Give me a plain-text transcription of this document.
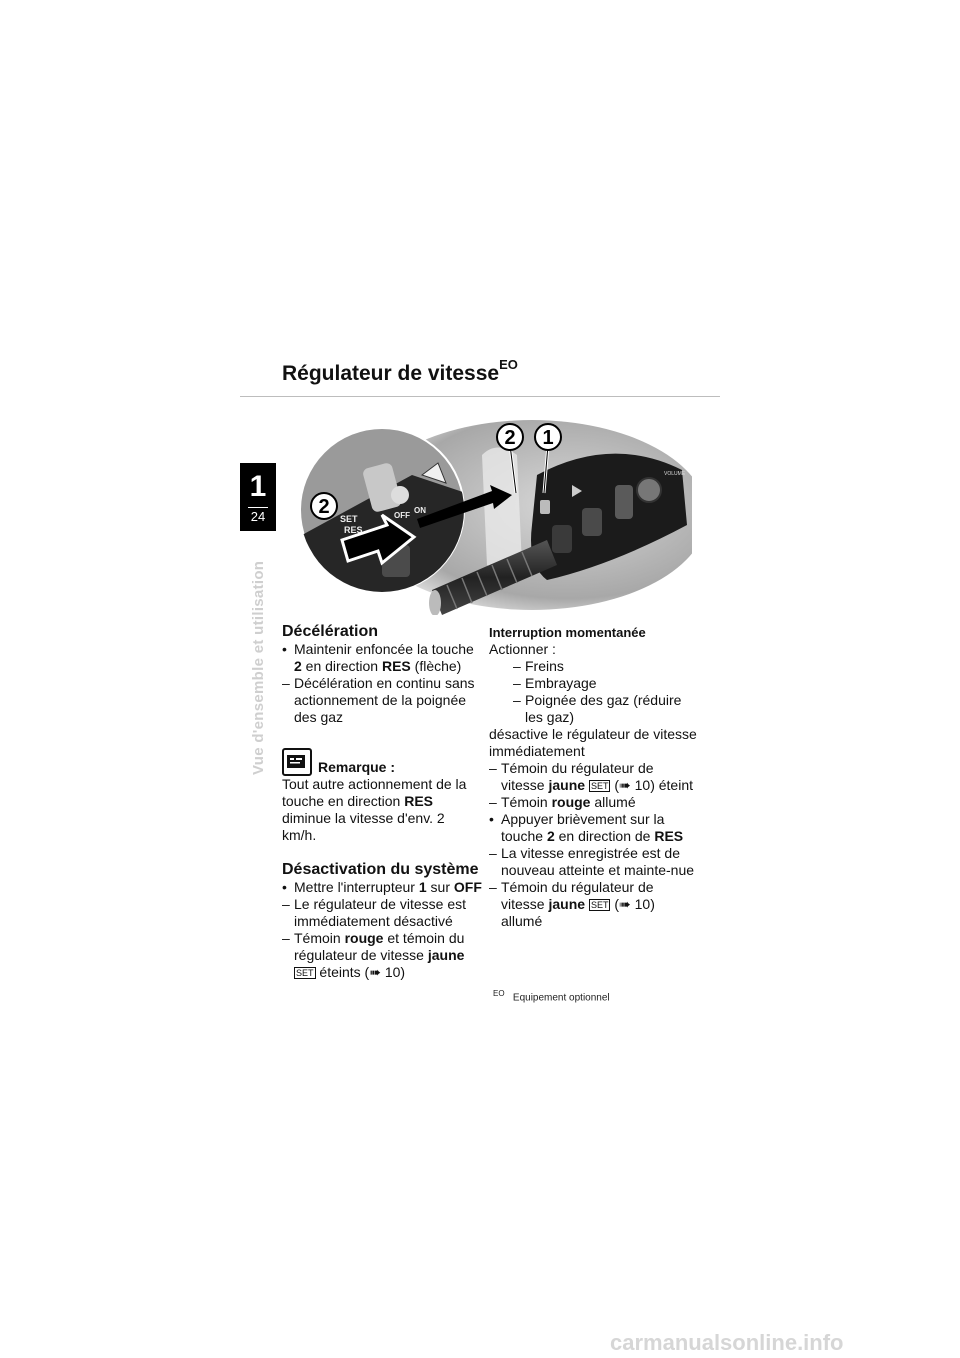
Régulateur de vitesse$^{EO}$
1
24
Vue d'ensemble et utilisation
SET
RES
OFF
ON
VOLUME
2 1
2
Décélération
• Maintenir enfoncée la touche 2 en direction RES (flèche)
– Décélération en continu sans actionnement de la poignée des gaz

Remarque :

Tout autre actionnement de la touche en direction RES diminue la vitesse d'env. 2 km/h.

Désactivation du système
• Mettre l'interrupteur 1 sur OFF
– Le régulateur de vitesse est immédiatement désactivé
– Témoin rouge et témoin du régulateur de vitesse jaune SET éteints (➠ 10)
Interruption momentanée

Actionner :

– Freins
– Embrayage
– Poignée des gaz (réduire les gaz)

désactive le régulateur de vitesse immédiatement

– Témoin du régulateur de vitesse jaune SET (➠ 10) éteint
– Témoin rouge allumé
• Appuyer brièvement sur la touche 2 en direction de RES
– La vitesse enregistrée est de nouveau atteinte et mainte-nue
– Témoin du régulateur de vitesse jaune SET (➠ 10) allumé
$^{EO}$ Equipement optionnel
carmanualsonline.info
